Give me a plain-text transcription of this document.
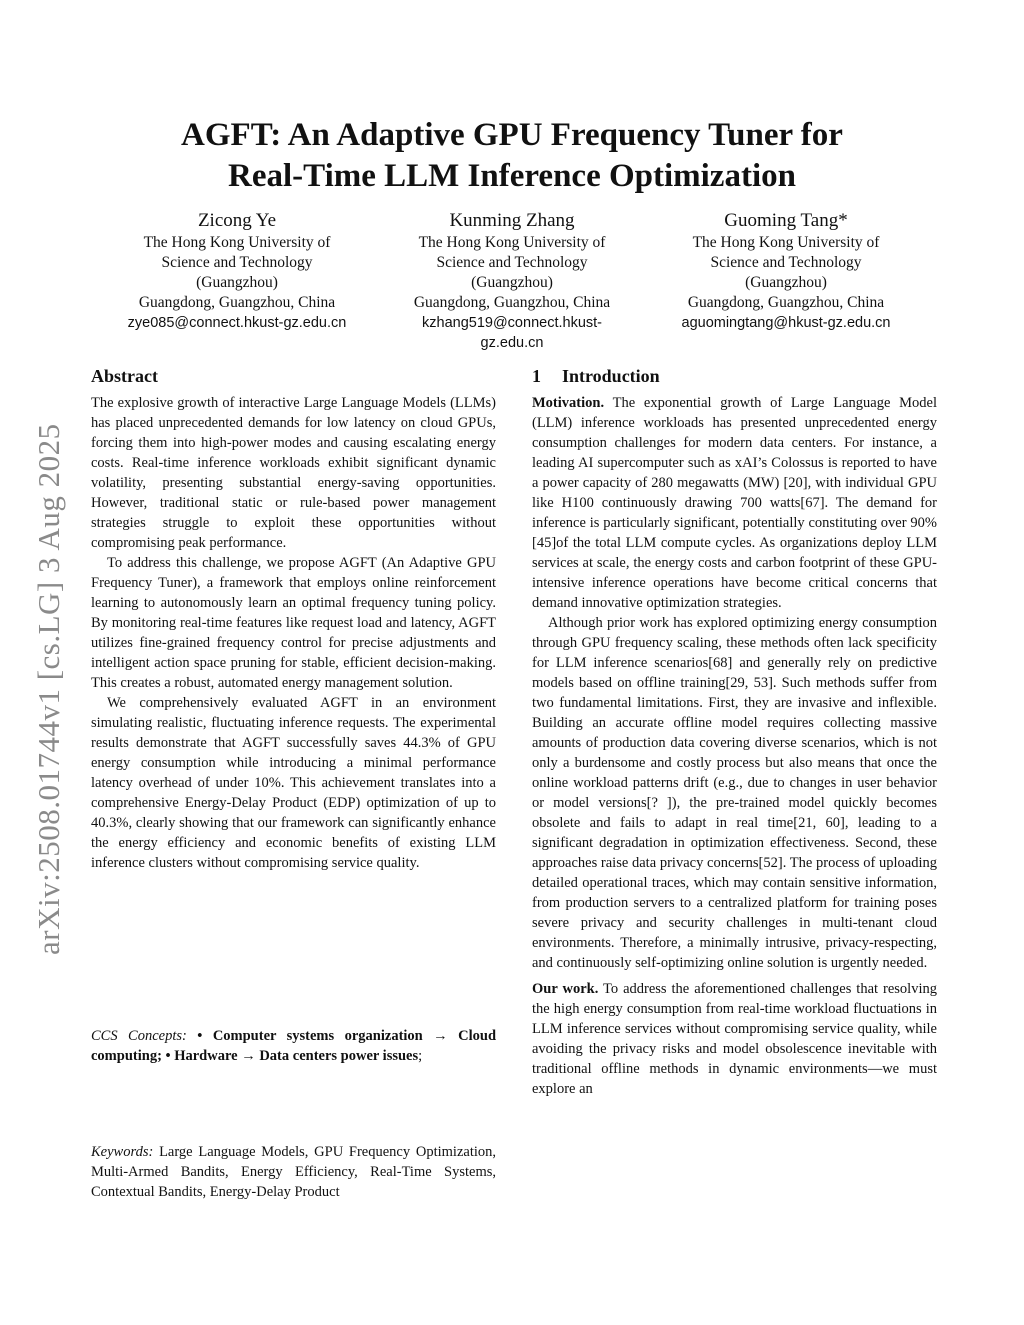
arXiv:2508.01744v1 [cs.LG] 3 Aug 2025
AGFT: An Adaptive GPU Frequency Tuner for
Real-Time LLM Inference Optimization
Zicong Ye
The Hong Kong University of
Science and Technology
(Guangzhou)
Guangdong, Guangzhou, China
zye085@connect.hkust-gz.edu.cn
Kunming Zhang
The Hong Kong University of
Science and Technology
(Guangzhou)
Guangdong, Guangzhou, China
kzhang519@connect.hkust-
gz.edu.cn
Guoming Tang*
The Hong Kong University of
Science and Technology
(Guangzhou)
Guangdong, Guangzhou, China
aguomingtang@hkust-gz.edu.cn
Abstract

The explosive growth of interactive Large Language Models (LLMs) has placed unprecedented demands for low latency on cloud GPUs, forcing them into high-power modes and causing escalating energy costs. Real-time inference workloads exhibit significant dynamic volatility, presenting substantial energy-saving opportunities. However, traditional static or rule-based power management strategies struggle to exploit these opportunities without compromising peak performance.

To address this challenge, we propose AGFT (An Adaptive GPU Frequency Tuner), a framework that employs online reinforcement learning to autonomously learn an optimal frequency tuning policy. By monitoring real-time features like request load and latency, AGFT utilizes fine-grained frequency control for precise adjustments and intelligent action space pruning for stable, efficient decision-making. This creates a robust, automated energy management solution.

We comprehensively evaluated AGFT in an environment simulating realistic, fluctuating inference requests. The experimental results demonstrate that AGFT successfully saves 44.3% of GPU energy consumption while introducing a minimal performance latency overhead of under 10%. This achievement translates into a comprehensive Energy-Delay Product (EDP) optimization of up to 40.3%, clearly showing that our framework can significantly enhance the energy efficiency and economic benefits of existing LLM inference clusters without compromising service quality.

CCS Concepts: • Computer systems organization → Cloud computing; • Hardware → Data centers power issues;
Keywords: Large Language Models, GPU Frequency Optimization, Multi-Armed Bandits, Energy Efficiency, Real-Time Systems, Contextual Bandits, Energy-Delay Product
1 Introduction

Motivation. The exponential growth of Large Language Model (LLM) inference workloads has presented unprecedented energy consumption challenges for modern data centers. For instance, a leading AI supercomputer such as xAI’s Colossus is reported to have a power capacity of 280 megawatts (MW) [20], with individual GPU like H100 continuously drawing 700 watts[67]. The demand for inference is particularly significant, potentially constituting over 90% [45]of the total LLM compute cycles. As organizations deploy LLM services at scale, the energy costs and carbon footprint of these GPU-intensive inference operations have become critical concerns that demand innovative optimization strategies.

Although prior work has explored optimizing energy consumption through GPU frequency scaling, these methods often lack specificity for LLM inference scenarios[68] and generally rely on predictive models based on offline training[29, 53]. Such methods suffer from two fundamental limitations. First, they are invasive and inflexible. Building an accurate offline model requires collecting massive amounts of production data covering diverse scenarios, which is not only a burdensome and costly process but also means that once the online workload patterns drift (e.g., due to changes in user behavior or model versions[? ]), the pre-trained model quickly becomes obsolete and fails to adapt in real time[21, 60], leading to a significant degradation in optimization effectiveness. Second, these approaches raise data privacy concerns[52]. The process of uploading detailed operational traces, which may contain sensitive information, from production servers to a centralized platform for training poses severe privacy and security challenges in multi-tenant cloud environments. Therefore, a minimally intrusive, privacy-respecting, and continuously self-optimizing online solution is urgently needed.

Our work. To address the aforementioned challenges that resolving the high energy consumption from real-time workload fluctuations in LLM inference services without compromising service quality, while avoiding the privacy risks and model obsolescence inevitable with traditional offline methods in dynamic environments—we must explore an
